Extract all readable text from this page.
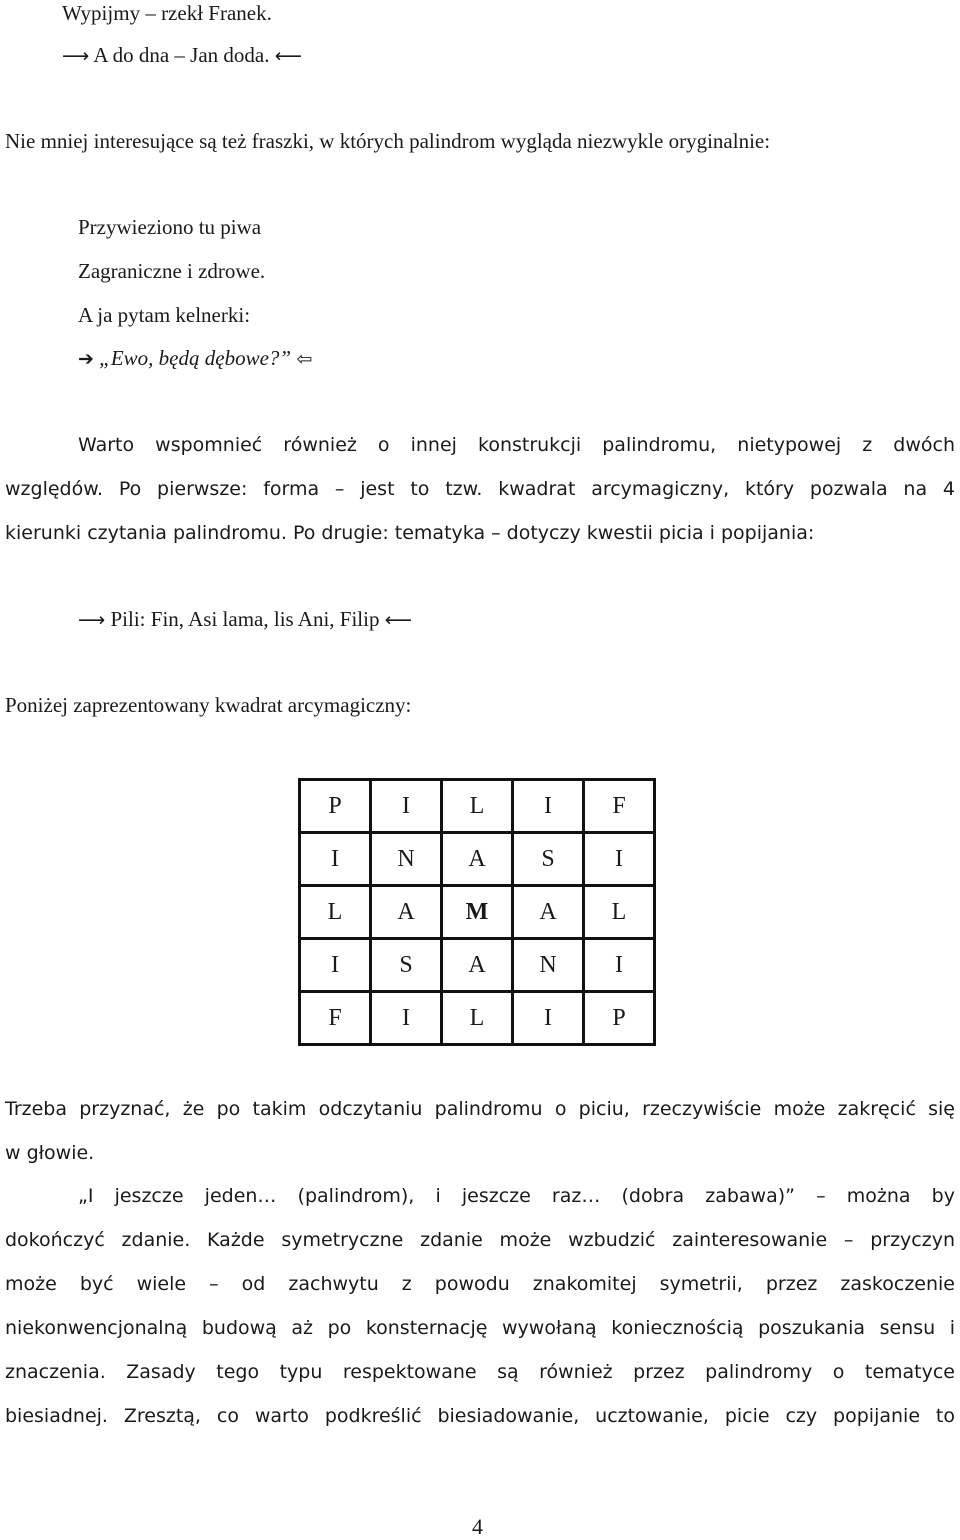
Wypijmy – rzekł Franek.
⟶ A do dna – Jan doda. ⟵
Nie mniej interesujące są też fraszki, w których palindrom wygląda niezwykle oryginalnie:
Przywieziono tu piwa
Zagraniczne i zdrowe.
A ja pytam kelnerki:
➔ „Ewo, będą dębowe?” ⇦
Warto wspomnieć również o innej konstrukcji palindromu, nietypowej z dwóch
względów. Po pierwsze: forma – jest to tzw. kwadrat arcymagiczny, który pozwala na 4
kierunki czytania palindromu. Po drugie: tematyka – dotyczy kwestii picia i popijania:
⟶ Pili: Fin, Asi lama, lis Ani, Filip ⟵
Poniżej zaprezentowany kwadrat arcymagiczny:
P	I	L	I	F
I	N	A	S	I
L	A	M	A	L
I	S	A	N	I
F	I	L	I	P
Trzeba przyznać, że po takim odczytaniu palindromu o piciu, rzeczywiście może zakręcić się
w głowie.
„I jeszcze jeden… (palindrom), i jeszcze raz… (dobra zabawa)” – można by
dokończyć zdanie. Każde symetryczne zdanie może wzbudzić zainteresowanie – przyczyn
może być wiele – od zachwytu z powodu znakomitej symetrii, przez zaskoczenie
niekonwencjonalną budową aż po konsternację wywołaną koniecznością poszukania sensu i
znaczenia. Zasady tego typu respektowane są również przez palindromy o tematyce
biesiadnej. Zresztą, co warto podkreślić biesiadowanie, ucztowanie, picie czy popijanie to
4
